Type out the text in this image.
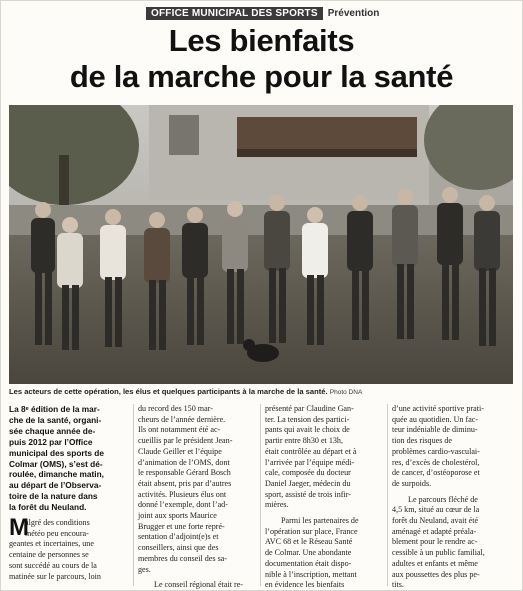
OFFICE MUNICIPAL DES SPORTS	Prévention
Les bienfaits
de la marche pour la santé
Les acteurs de cette opération, les élus et quelques participants à la marche de la santé. Photo DNA

La 8ᵉ édition de la mar-

che de la santé, organi-

sée chaque année de-

puis 2012 par l’Office

municipal des sports de

Colmar (OMS), s’est dé-

roulée, dimanche matin,

au départ de l’Observa-

toire de la nature dans

la forêt du Neuland.

M

algré des conditions

météo peu encoura-

geantes et incertaines, une

centaine de personnes se

sont succédé au cours de la

matinée sur le parcours, loin

du record des 150 mar-

cheurs de l’année dernière.

Ils ont notamment été ac-

cueillis par le président Jean-

Claude Geiller et l’équipe

d’animation de l’OMS, dont

le responsable Gérard Bosch

était absent, pris par d’autres

activités. Plusieurs élus ont

donné l’exemple, dont l’ad-

joint aux sports Maurice

Brugger et une forte repré-

sentation d’adjoint(e)s et

conseillers, ainsi que des

membres du conseil des sa-

ges.

Le conseil régional était re-

présenté par Claudine Gan-

ter. La tension des partici-

pants qui avait le choix de

partir entre 8h30 et 13h,

était contrôlée au départ et à

l’arrivée par l’équipe médi-

cale, composée du docteur

Daniel Jaeger, médecin du

sport, assisté de trois infir-

mières.

Parmi les partenaires de

l’opération sur place, France

AVC 68 et le Réseau Santé

de Colmar. Une abondante

documentation était dispo-

nible à l’inscription, mettant

en évidence les bienfaits

d’une activité sportive prati-

quée au quotidien. Un fac-

teur indéniable de diminu-

tion des risques de

problèmes cardio-vasculai-

res, d’excès de cholestérol,

de cancer, d’ostéoporose et

de surpoids.

Le parcours fléché de

4,5 km, situé au cœur de la

forêt du Neuland, avait été

aménagé et adapté préala-

blement pour le rendre ac-

cessible à un public familial,

adultes et enfants et même

aux poussettes des plus pe-

tits.
